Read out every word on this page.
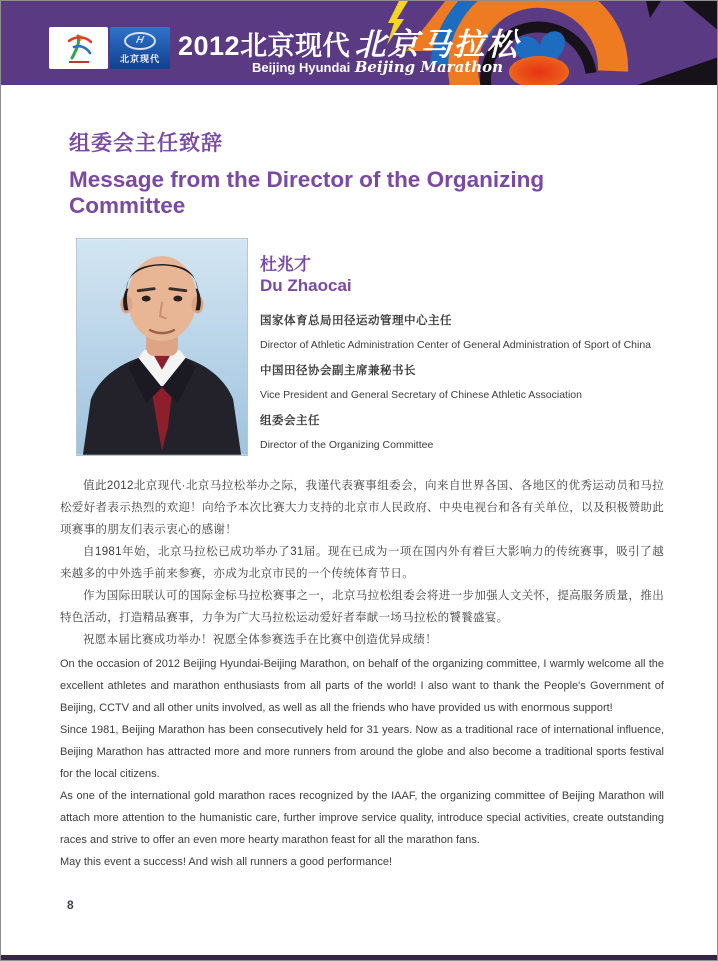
H
北京现代 2012北京现代 北京马拉松
Beijing Hyundai Beijing Marathon

组委会主任致辞

Message from the Director of the Organizing Committee

杜兆才

Du Zhaocai

国家体育总局田径运动管理中心主任
Director of Athletic Administration Center of General Administration of Sport of China
中国田径协会副主席兼秘书长
Vice President and General Secretary of Chinese Athletic Association
组委会主任
Director of the Organizing Committee

值此2012北京现代·北京马拉松举办之际，我谨代表赛事组委会，向来自世界各国、各地区的优秀运动员和马拉松爱好者表示热烈的欢迎！向给予本次比赛大力支持的北京市人民政府、中央电视台和各有关单位，以及积极赞助此项赛事的朋友们表示衷心的感谢！

自1981年始，北京马拉松已成功举办了31届。现在已成为一项在国内外有着巨大影响力的传统赛事，吸引了越来越多的中外选手前来参赛，亦成为北京市民的一个传统体育节日。

作为国际田联认可的国际金标马拉松赛事之一，北京马拉松组委会将进一步加强人文关怀，提高服务质量，推出特色活动，打造精品赛事，力争为广大马拉松运动爱好者奉献一场马拉松的饕餮盛宴。

祝愿本届比赛成功举办！祝愿全体参赛选手在比赛中创造优异成绩！

On the occasion of 2012 Beijing Hyundai-Beijing Marathon, on behalf of the organizing committee, I warmly welcome all the excellent athletes and marathon enthusiasts from all parts of the world! I also want to thank the People's Government of Beijing, CCTV and all other units involved, as well as all the friends who have provided us with enormous support!

Since 1981, Beijing Marathon has been consecutively held for 31 years. Now as a traditional race of international influence, Beijing Marathon has attracted more and more runners from around the globe and also become a traditional sports festival for the local citizens.

As one of the international gold marathon races recognized by the IAAF, the organizing committee of Beijing Marathon will attach more attention to the humanistic care, further improve service quality, introduce special activities, create outstanding races and strive to offer an even more hearty marathon feast for all the marathon fans.

May this event a success! And wish all runners a good performance!

8
